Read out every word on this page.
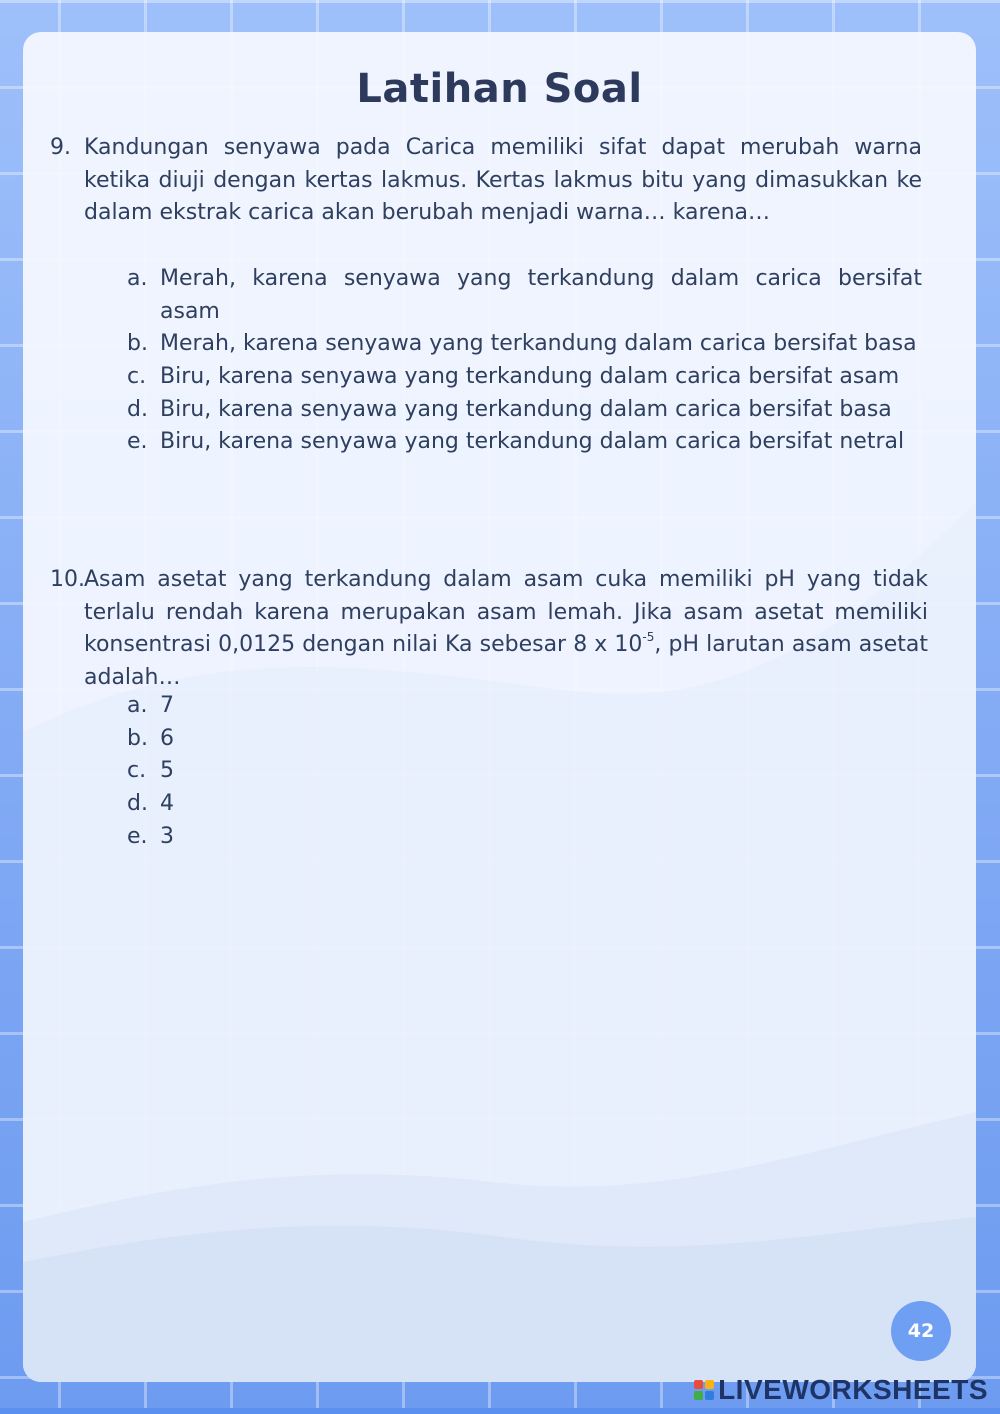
Latihan Soal
9. Kandungan senyawa pada Carica memiliki sifat dapat merubah warna ketika diuji dengan kertas lakmus. Kertas lakmus bitu yang dimasukkan ke dalam ekstrak carica akan berubah menjadi warna… karena…
a. Merah, karena senyawa yang terkandung dalam carica bersifat asam
b. Merah, karena senyawa yang terkandung dalam carica bersifat basa
c. Biru, karena senyawa yang terkandung dalam carica bersifat asam
d. Biru, karena senyawa yang terkandung dalam carica bersifat basa
e. Biru, karena senyawa yang terkandung dalam carica bersifat netral
10. Asam asetat yang terkandung dalam asam cuka memiliki pH yang tidak terlalu rendah karena merupakan asam lemah. Jika asam asetat memiliki konsentrasi 0,0125 dengan nilai Ka sebesar 8 x $10^{-5}$, pH larutan asam asetat adalah…
a. 7
b. 6
c. 5
d. 4
e. 3
42
LIVEWORKSHEETS
